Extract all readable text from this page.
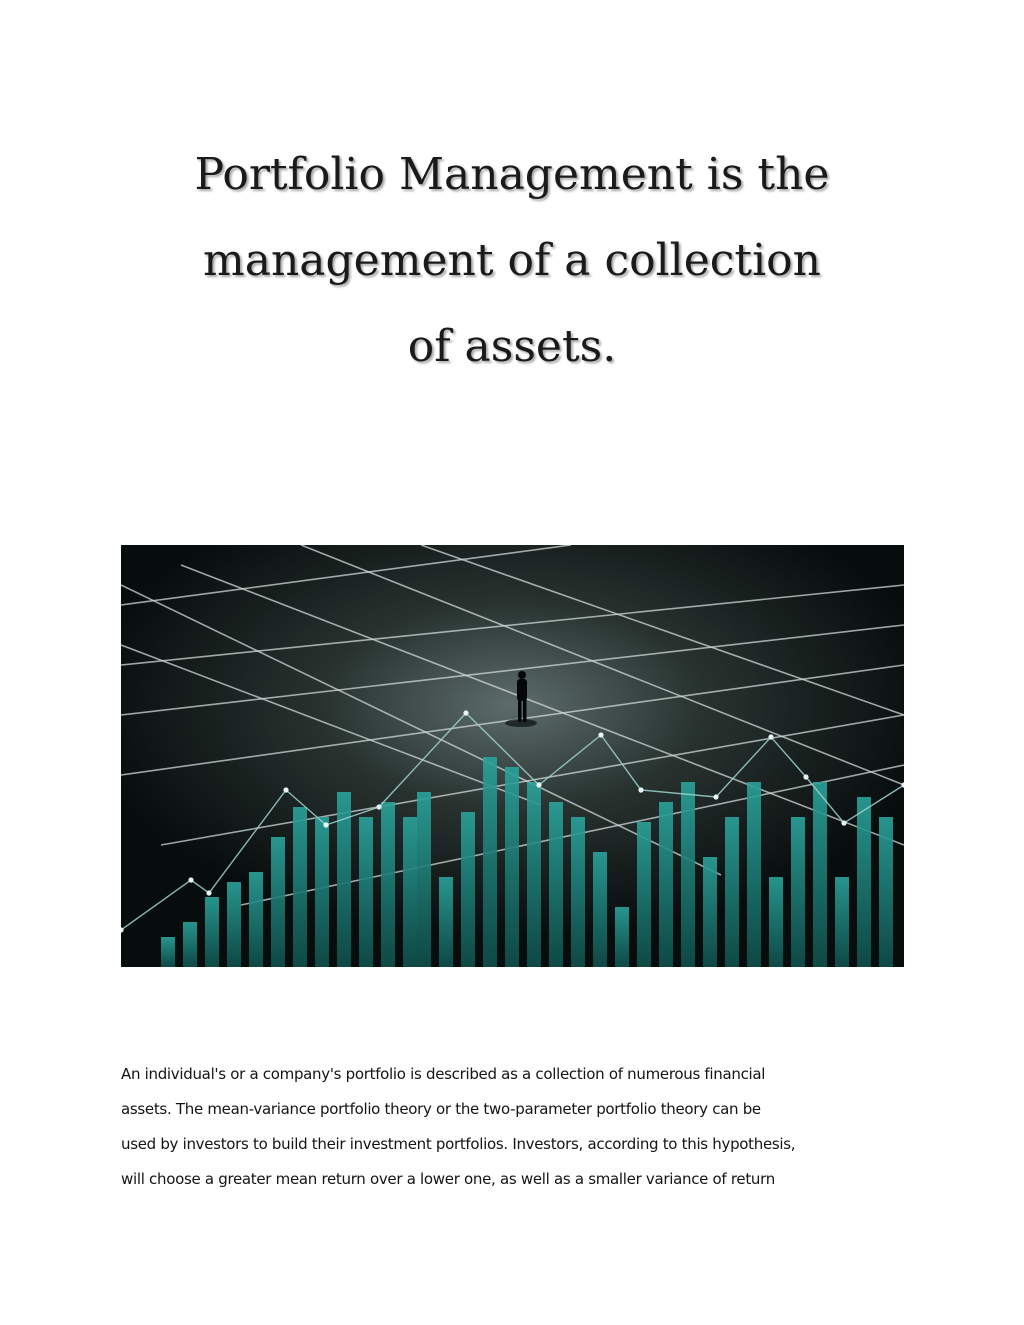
Portfolio Management is the
management of a collection
of assets.
An individual's or a company's portfolio is described as a collection of numerous financial
assets. The mean-variance portfolio theory or the two-parameter portfolio theory can be
used by investors to build their investment portfolios. Investors, according to this hypothesis,
will choose a greater mean return over a lower one, as well as a smaller variance of return
